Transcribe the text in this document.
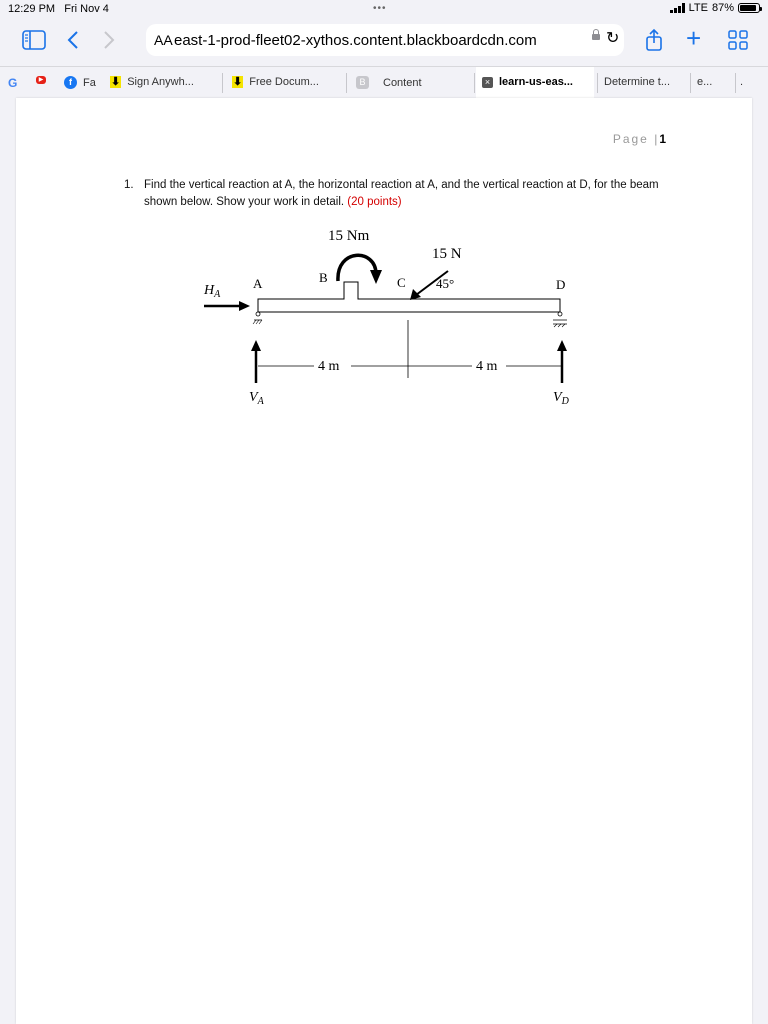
12:29 PM Fri Nov 4	•••	LTE 87%
AA east-1-prod-fleet02-xythos.content.blackboardcdn.com	↻	+
G	▶	f	Fa ⬇ Sign Anywh...	⬇ Free Docum...	B	Content	× learn-us-eas...	Determine t... e...	.
Page |1
1. Find the vertical reaction at A, the horizontal reaction at A, and the vertical reaction at D, for the beam shown below. Show your work in detail. (20 points)
15 Nm
B
15 N
C 45°
A	D
$H_A$
$V_A$	$V_D$
4 m	4 m
